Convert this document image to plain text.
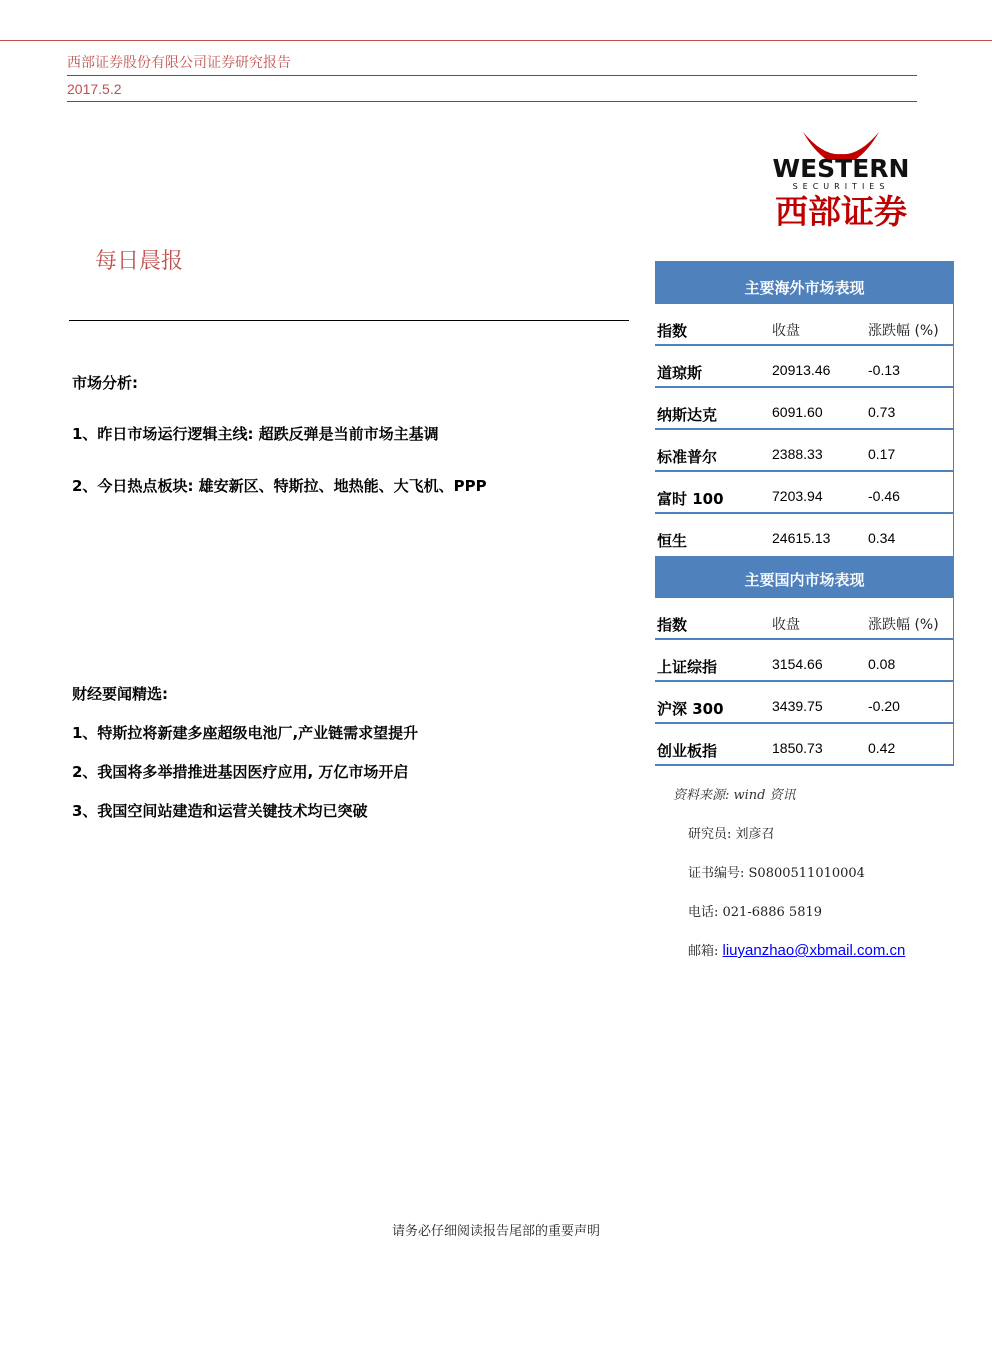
西部证券股份有限公司证券研究报告
2017.5.2
WESTERN
SECURITIES
西部证券
每日晨报
市场分析:
1、昨日市场运行逻辑主线: 超跌反弹是当前市场主基调
2、今日热点板块: 雄安新区、特斯拉、地热能、大飞机、PPP
财经要闻精选:
1、特斯拉将新建多座超级电池厂,产业链需求望提升
2、我国将多举措推进基因医疗应用, 万亿市场开启
3、我国空间站建造和运营关键技术均已突破
主要海外市场表现
指数	收盘	涨跌幅 (%)
道琼斯	20913.46	-0.13
纳斯达克	6091.60	0.73
标准普尔	2388.33	0.17
富时 100	7203.94	-0.46
恒生	24615.13	0.34
主要国内市场表现
指数	收盘	涨跌幅 (%)
上证综指	3154.66	0.08
沪深 300	3439.75	-0.20
创业板指	1850.73	0.42
资料来源: wind 资讯
研究员: 刘彦召
证书编号: S0800511010004
电话: 021-6886 5819
邮箱: liuyanzhao@xbmail.com.cn
请务必仔细阅读报告尾部的重要声明
